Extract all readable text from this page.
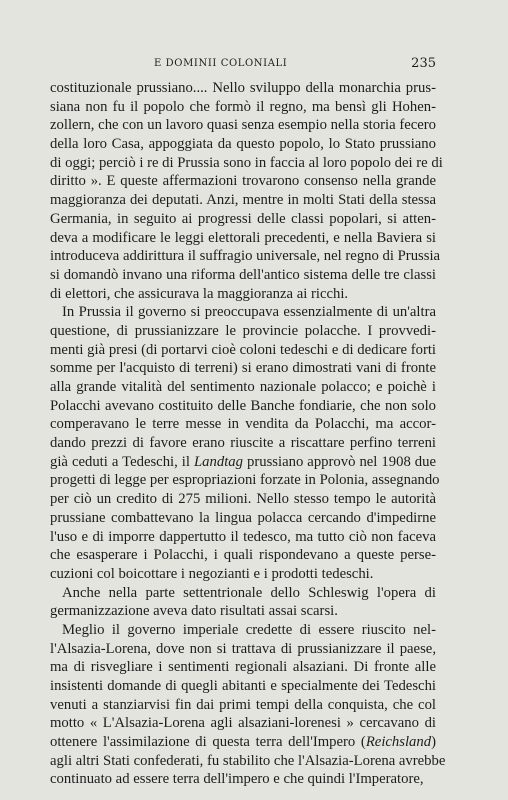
E DOMINII COLONIALI	235
costituzionale prussiano.... Nello sviluppo della monarchia prus-
siana non fu il popolo che formò il regno, ma bensì gli Hohen-
zollern, che con un lavoro quasi senza esempio nella storia fecero
della loro Casa, appoggiata da questo popolo, lo Stato prussiano
di oggi; perciò i re di Prussia sono in faccia al loro popolo dei re di
diritto ». E queste affermazioni trovarono consenso nella grande
maggioranza dei deputati. Anzi, mentre in molti Stati della stessa
Germania, in seguito ai progressi delle classi popolari, si atten-
deva a modificare le leggi elettorali precedenti, e nella Baviera si
introduceva addirittura il suffragio universale, nel regno di Prussia
si domandò invano una riforma dell'antico sistema delle tre classi
di elettori, che assicurava la maggioranza ai ricchi.
In Prussia il governo si preoccupava essenzialmente di un'altra
questione, di prussianizzare le provincie polacche. I provvedi-
menti già presi (di portarvi cioè coloni tedeschi e di dedicare forti
somme per l'acquisto di terreni) si erano dimostrati vani di fronte
alla grande vitalità del sentimento nazionale polacco; e poichè i
Polacchi avevano costituito delle Banche fondiarie, che non solo
comperavano le terre messe in vendita da Polacchi, ma accor-
dando prezzi di favore erano riuscite a riscattare perfino terreni
già ceduti a Tedeschi, il Landtag prussiano approvò nel 1908 due
progetti di legge per espropriazioni forzate in Polonia, assegnando
per ciò un credito di 275 milioni. Nello stesso tempo le autorità
prussiane combattevano la lingua polacca cercando d'impedirne
l'uso e di imporre dappertutto il tedesco, ma tutto ciò non faceva
che esasperare i Polacchi, i quali rispondevano a queste perse-
cuzioni col boicottare i negozianti e i prodotti tedeschi.
Anche nella parte settentrionale dello Schleswig l'opera di
germanizzazione aveva dato risultati assai scarsi.
Meglio il governo imperiale credette di essere riuscito nel-
l'Alsazia-Lorena, dove non si trattava di prussianizzare il paese,
ma di risvegliare i sentimenti regionali alsaziani. Di fronte alle
insistenti domande di quegli abitanti e specialmente dei Tedeschi
venuti a stanziarvisi fin dai primi tempi della conquista, che col
motto « L'Alsazia-Lorena agli alsaziani-lorenesi » cercavano di
ottenere l'assimilazione di questa terra dell'Impero (Reichsland)
agli altri Stati confederati, fu stabilito che l'Alsazia-Lorena avrebbe
continuato ad essere terra dell'impero e che quindi l'Imperatore,
